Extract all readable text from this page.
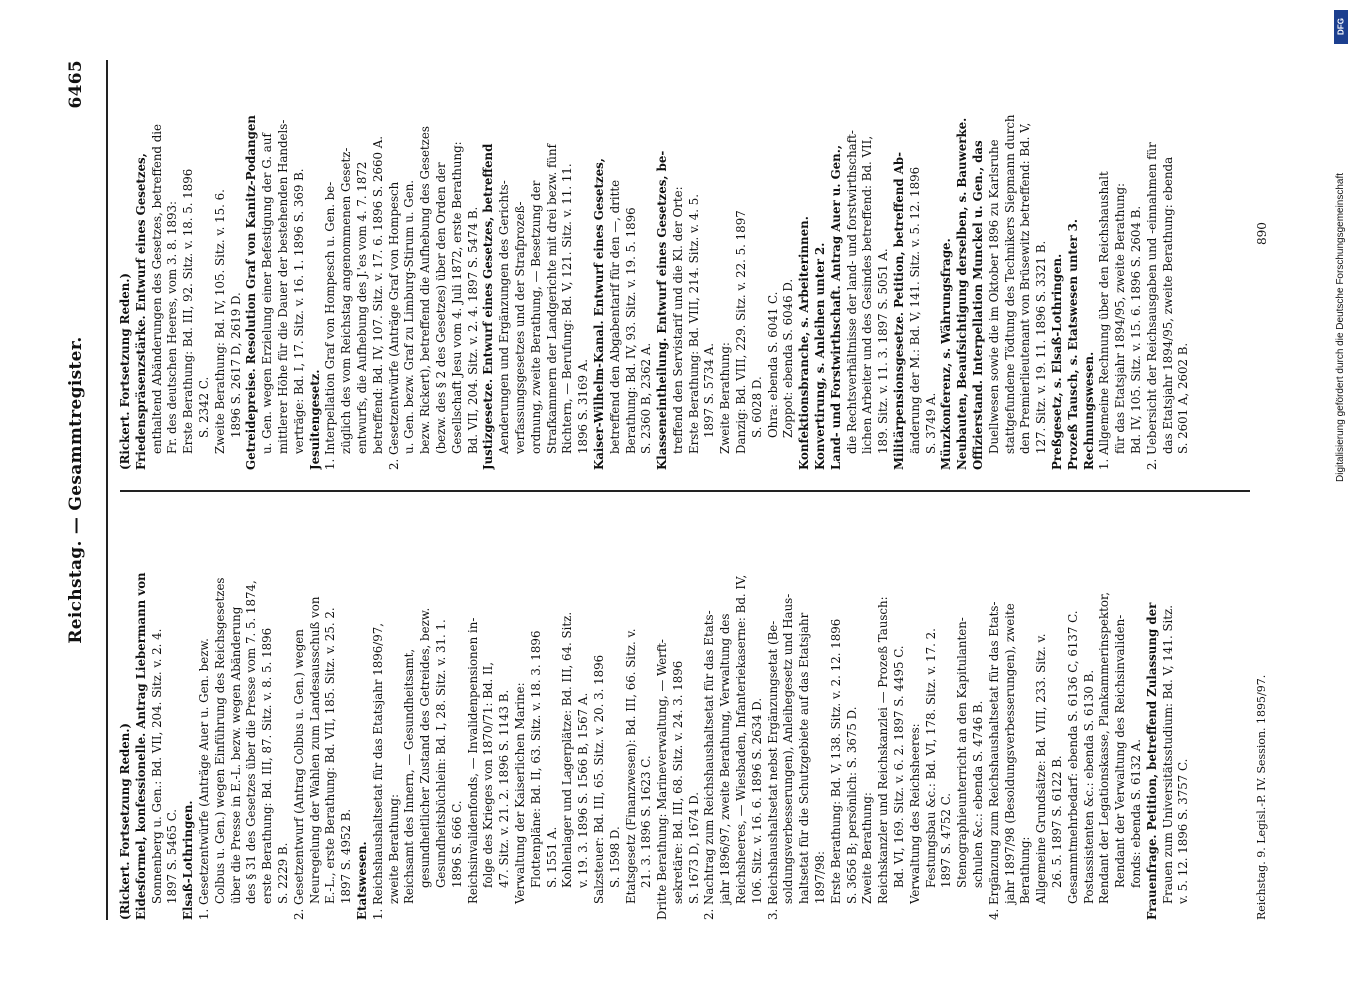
Reichstag. — Gesammtregister.
6465
(Rickert. Fortsetzung Reden.) Eidesformel, konfessionelle. Antrag Liebermann von Sonnenberg u. Gen.: Bd. VII, 204. Sitz. v. 2. 4. 1897 S. 5465 C. Elsaß-Lothringen. 1. Gesetzentwürfe (Anträge Auer u. Gen. bezw. Colbus u. Gen.) wegen Einführung des Reichsgesetzes über die Presse in E.-L. bezw. wegen Abänderung des § 31 des Gesetzes über die Presse vom 7. 5. 1874, erste Berathung: Bd. III, 87. Sitz. v. 8. 5. 1896 S. 2229 B. 2. Gesetzentwurf (Antrag Colbus u. Gen.) wegen Neuregelung der Wahlen zum Landesausschuß von E.-L., erste Berathung: Bd. VII, 185. Sitz. v. 25. 2. 1897 S. 4952 B. Etatswesen. 1. Reichshaushaltsetat für das Etatsjahr 1896/97, zweite Berathung: Reichsamt des Innern, — Gesundheitsamt, gesundheitlicher Zustand des Getreides, bezw. Gesundheitsbüchlein: Bd. I, 28. Sitz. v. 31. 1. 1896 S. 666 C. Reichsinvalidenfonds, — Invalidenpensionen in- folge des Krieges von 1870/71: Bd. II, 47. Sitz. v. 21. 2. 1896 S. 1143 B. Verwaltung der Kaiserlichen Marine: Flottenpläne: Bd. II, 63. Sitz. v. 18. 3. 1896 S. 1551 A. Kohlenlager und Lagerplätze: Bd. III, 64. Sitz. v. 19. 3. 1896 S. 1566 B, 1567 A. Salzsteuer: Bd. III, 65. Sitz. v. 20. 3. 1896 S. 1598 D. Etatsgesetz (Finanzwesen): Bd. III, 66. Sitz. v. 21. 3. 1896 S. 1623 C. Dritte Berathung: Marineverwaltung, — Werft- sekretäre: Bd. III, 68. Sitz. v. 24. 3. 1896 S. 1673 D, 1674 D. 2. Nachtrag zum Reichshaushaltsetat für das Etats- jahr 1896/97, zweite Berathung, Verwaltung des Reichsheeres, — Wiesbaden, Infanteriekaserne: Bd. IV, 106. Sitz. v. 16. 6. 1896 S. 2634 D. 3. Reichshaushaltsetat nebst Ergänzungsetat (Be- soldungsverbesserungen), Anleihegesetz und Haus- haltsetat für die Schutzgebiete auf das Etatsjahr 1897/98: Erste Berathung: Bd. V, 138. Sitz. v. 2. 12. 1896 S. 3656 B; persönlich: S. 3675 D. Zweite Berathung: Reichskanzler und Reichskanzlei — Prozeß Tausch: Bd. VI, 169. Sitz. v. 6. 2. 1897 S. 4495 C. Verwaltung des Reichsheeres: Festungsbau &c.: Bd. VI, 178. Sitz. v. 17. 2. 1897 S. 4752 C. Stenographieunterricht an den Kapitulanten- schulen &c.: ebenda S. 4746 B. 4. Ergänzung zum Reichshaushaltsetat für das Etats- jahr 1897/98 (Besoldungsverbesserungen), zweite Berathung: Allgemeine Grundsätze: Bd. VIII, 233. Sitz. v. 26. 5. 1897 S. 6122 B. Gesammtmehrbedarf: ebenda S. 6136 C, 6137 C. Postassistenten &c.: ebenda S. 6130 B. Rendant der Legationskasse, Plankammerinspektor, Rendant der Verwaltung des Reichsinvaliden- fonds: ebenda S. 6132 A. Frauenfrage. Petition, betreffend Zulassung der Frauen zum Universitätsstudium: Bd. V, 141. Sitz. v. 5. 12. 1896 S. 3757 C.
(Rickert. Fortsetzung Reden.) Friedenspräsenzstärke. Entwurf eines Gesetzes, enthaltend Abänderungen des Gesetzes, betreffend die Fr. des deutschen Heeres, vom 3. 8. 1893: Erste Berathung: Bd. III, 92. Sitz. v. 18. 5. 1896 S. 2342 C. Zweite Berathung: Bd. IV, 105. Sitz. v. 15. 6. 1896 S. 2617 D, 2619 D. Getreidepreise. Resolution Graf von Kanitz-Podangen u. Gen. wegen Erzielung einer Befestigung der G. auf mittlerer Höhe für die Dauer der bestehenden Handels- verträge: Bd. I, 17. Sitz. v. 16. 1. 1896 S. 369 B. Jesuitengesetz. 1. Interpellation Graf von Hompesch u. Gen. be- züglich des vom Reichstag angenommenen Gesetz- entwurfs, die Aufhebung des J.'es vom 4. 7. 1872 betreffend: Bd. IV, 107. Sitz. v. 17. 6. 1896 S. 2660 A. 2. Gesetzentwürfe (Anträge Graf von Hompesch u. Gen. bezw. Graf zu Limburg-Stirum u. Gen. bezw. Rickert), betreffend die Aufhebung des Gesetzes (bezw. des § 2 des Gesetzes) über den Orden der Gesellschaft Jesu vom 4. Juli 1872, erste Berathung: Bd. VII, 204. Sitz. v. 2. 4. 1897 S. 5474 B. Justizgesetze. Entwurf eines Gesetzes, betreffend Aenderungen und Ergänzungen des Gerichts- verfassungsgesetzes und der Strafprozeß- ordnung, zweite Berathung, — Besetzung der Strafkammern der Landgerichte mit drei bezw. fünf Richtern, — Berufung: Bd. V, 121. Sitz. v. 11. 11. 1896 S. 3169 A. Kaiser-Wilhelm-Kanal. Entwurf eines Gesetzes, betreffend den Abgabentarif für den —, dritte Berathung: Bd. IV, 93. Sitz. v. 19. 5. 1896 S. 2360 B, 2362 A. Klasseneintheilung. Entwurf eines Gesetzes, be- treffend den Servistarif und die Kl. der Orte: Erste Berathung: Bd. VIII, 214. Sitz. v. 4. 5. 1897 S. 5734 A. Zweite Berathung: Danzig: Bd. VIII, 229. Sitz. v. 22. 5. 1897 S. 6028 D. Ohra: ebenda S. 6041 C. Zoppot: ebenda S. 6046 D. Konfektionsbranche, s. Arbeiterinnen. Konvertirung, s. Anleihen unter 2. Land- und Forstwirthschaft. Antrag Auer u. Gen., die Rechtsverhältnisse der land- und forstwirthschaft- lichen Arbeiter und des Gesindes betreffend: Bd. VII, 189. Sitz. v. 11. 3. 1897 S. 5051 A. Militärpensionsgesetze. Petition, betreffend Ab- änderung der M.: Bd. V, 141. Sitz. v. 5. 12. 1896 S. 3749 A. Münzkonferenz, s. Währungsfrage. Neubauten, Beaufsichtigung derselben, s. Bauwerke. Offizierstand. Interpellation Munckel u. Gen., das Duellwesen sowie die im Oktober 1896 zu Karlsruhe stattgefundene Tödtung des Technikers Siepmann durch den Premierlieutenant von Brüsewitz betreffend: Bd. V, 127. Sitz. v. 19. 11. 1896 S. 3321 B. Preßgesetz, s. Elsaß-Lothringen. Prozeß Tausch, s. Etatswesen unter 3. Rechnungswesen. 1. Allgemeine Rechnung über den Reichshaushalt für das Etatsjahr 1894/95, zweite Berathung: Bd. IV, 105. Sitz. v. 15. 6. 1896 S. 2604 B. 2. Uebersicht der Reichsausgaben und -einnahmen für das Etatsjahr 1894/95, zweite Berathung: ebenda S. 2601 A, 2602 B.
Reichstag. 9. Legisl.-P. IV. Session. 1895/97.
890
DFG
Digitalisierung gefördert durch die Deutsche Forschungsgemeinschaft
